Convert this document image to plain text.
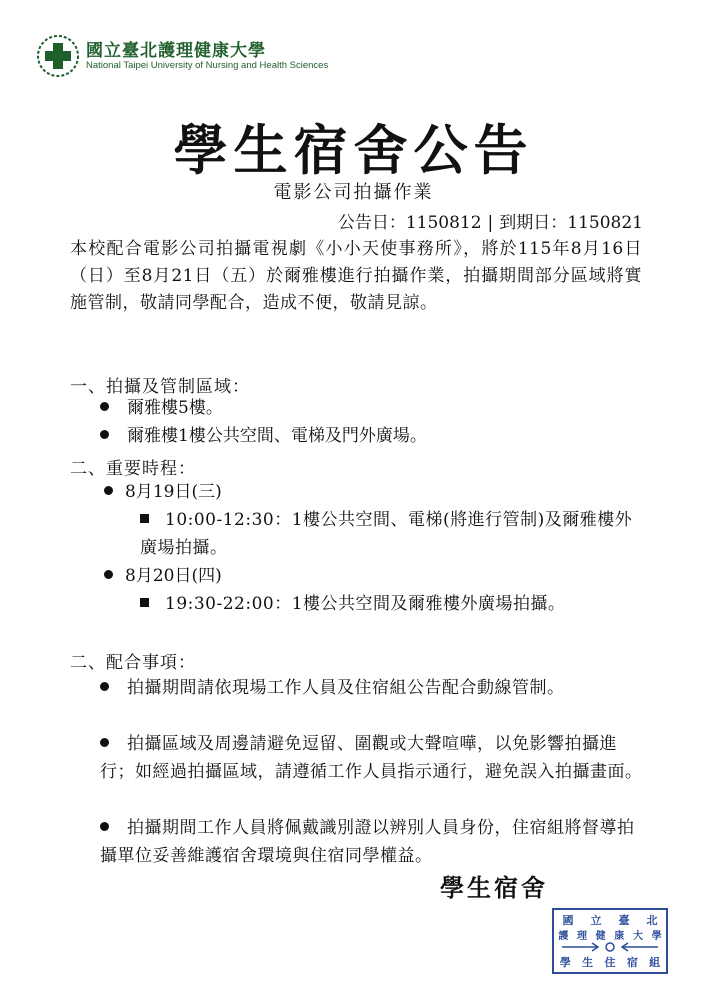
國立臺北護理健康大學
National Taipei University of Nursing and Health Sciences
學生宿舍公告
電影公司拍攝作業
公告日：1150812 | 到期日：1150821
本校配合電影公司拍攝電視劇《小小天使事務所》，將於115年8月16日（日）至8月21日（五）於爾雅樓進行拍攝作業，拍攝期間部分區域將實施管制，敬請同學配合，造成不便，敬請見諒。
一、拍攝及管制區域：
爾雅樓5樓。
爾雅樓1樓公共空間、電梯及門外廣場。
二、重要時程：
8月19日(三)
10:00-12:30：1樓公共空間、電梯(將進行管制)及爾雅樓外廣場拍攝。
8月20日(四)
19:30-22:00：1樓公共空間及爾雅樓外廣場拍攝。
二、配合事項：
拍攝期間請依現場工作人員及住宿組公告配合動線管制。
拍攝區域及周邊請避免逗留、圍觀或大聲喧嘩，以免影響拍攝進行；如經過拍攝區域，請遵循工作人員指示通行，避免誤入拍攝畫面。
拍攝期間工作人員將佩戴識別證以辨別人員身份，住宿組將督導拍攝單位妥善維護宿舍環境與住宿同學權益。
學生宿舍
國 立 臺 北
護 理 健 康 大 學
學 生 住 宿 組
